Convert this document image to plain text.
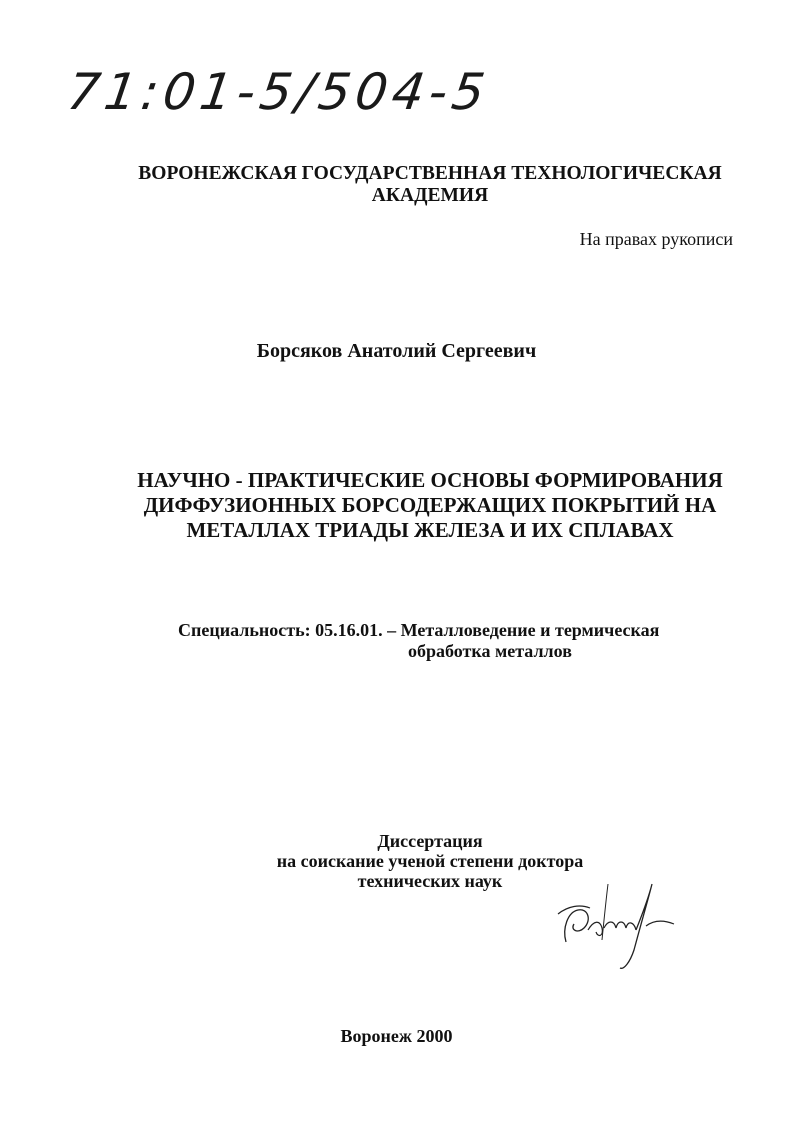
71:01-5/504-5
ВОРОНЕЖСКАЯ ГОСУДАРСТВЕННАЯ ТЕХНОЛОГИЧЕСКАЯ
АКАДЕМИЯ
На правах рукописи
Борсяков Анатолий Сергеевич
НАУЧНО - ПРАКТИЧЕСКИЕ ОСНОВЫ ФОРМИРОВАНИЯ
ДИФФУЗИОННЫХ БОРСОДЕРЖАЩИХ ПОКРЫТИЙ НА
МЕТАЛЛАХ ТРИАДЫ ЖЕЛЕЗА И ИХ СПЛАВАХ
Специальность: 05.16.01. – Металловедение и термическая
обработка металлов
Диссертация
на соискание ученой степени доктора
технических наук
Воронеж 2000
